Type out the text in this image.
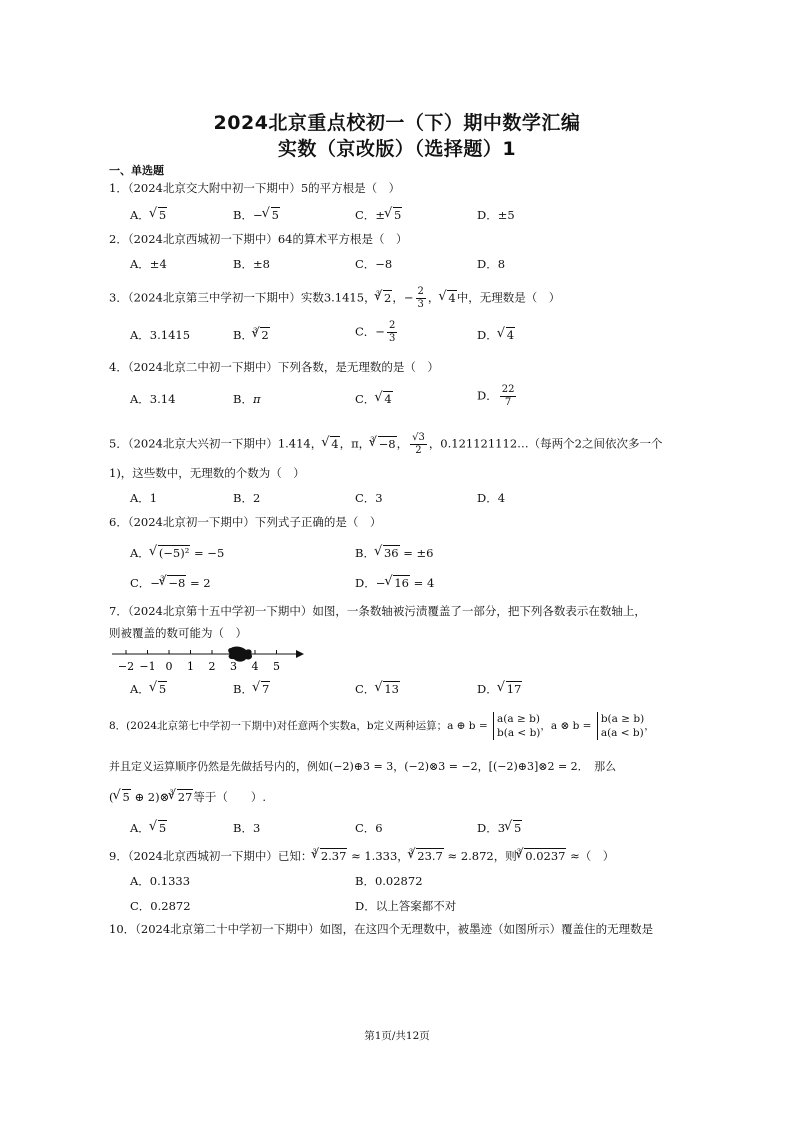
2024北京重点校初一（下）期中数学汇编
实数（京改版）（选择题）1
一、单选题
1．（2024北京交大附中初一下期中）5的平方根是（　）
A． √ 5	B．− √ 5	C．± √ 5	D．±5
2．（2024北京西城初一下期中）64的算术平方根是（　）
A．±4	B．±8	C．−8	D．8
3．（2024北京第三中学初一下期中）实数3.1415，$^3$ √ 2，− $\frac{2}{3}$ ， √ 4中，无理数是（　）
A．3.1415	B．$^3$ √ 2	C．− $\frac{2}{3}$	D． √ 4
4．（2024北京二中初一下期中）下列各数，是无理数的是（　）
A．3.14	B．π	C． √ 4	D． $\frac{22}{7}$
5．（2024北京大兴初一下期中）1.414， √ 4，π，$^3$ √ −8， $\frac{√3}{2}$ ，0.121121112…（每两个2之间依次多一个
1)，这些数中，无理数的个数为（　）
A．1	B．2	C．3	D．4
6．（2024北京初一下期中）下列式子正确的是（　）
A． √ (−5)² = −5	B． √ 36 = ±6
C．−$^3$ √ −8 = 2	D．− √ 16 = 4
7．（2024北京第十五中学初一下期中）如图，一条数轴被污渍覆盖了一部分，把下列各数表示在数轴上，
则被覆盖的数可能为（　）
−2 −1 0 1 2 3 4 5
A． √ 5	B． √ 7	C． √ 13	D． √ 17
8．(2024北京第七中学初一下期中)对任意两个实数a，b定义两种运算；a ⊕ b =
a(a ≥ b)
b(a < b)
，a ⊗ b =
b(a ≥ b)
a(a < b)
，
并且定义运算顺序仍然是先做括号内的，例如(−2)⊕3 = 3，(−2)⊗3 = −2，[(−2)⊕3]⊗2 = 2．　那么
( √ 5 ⊕ 2)⊗$^3$ √ 27等于（　　）.
A． √ 5	B．3	C．6	D．3 √ 5
9．（2024北京西城初一下期中）已知：$^3$ √ 2.37 ≈ 1.333，$^3$ √ 23.7 ≈ 2.872，则$^3$ √ 0.0237 ≈（　）
A．0.1333	B．0.02872
C．0.2872	D．以上答案都不对
10．（2024北京第二十中学初一下期中）如图，在这四个无理数中，被墨迹（如图所示）覆盖住的无理数是
第1页/共12页
